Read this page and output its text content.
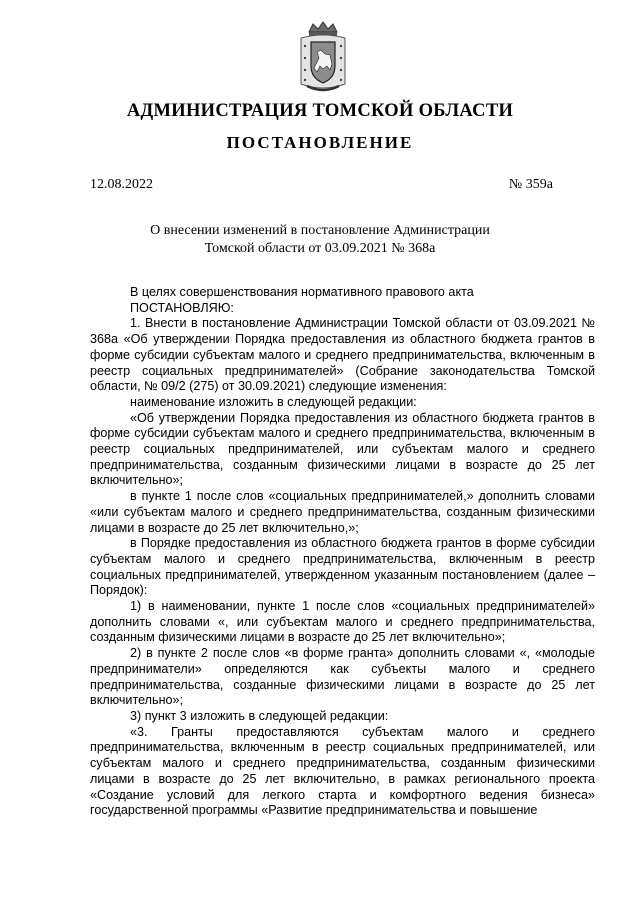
АДМИНИСТРАЦИЯ ТОМСКОЙ ОБЛАСТИ
ПОСТАНОВЛЕНИЕ
12.08.2022	№ 359а
О внесении изменений в постановление Администрации
Томской области от 03.09.2021 № 368а

В целях совершенствования нормативного правового акта

ПОСТАНОВЛЯЮ:

1. Внести в постановление Администрации Томской области от 03.09.2021 № 368а «Об утверждении Порядка предоставления из областного бюджета грантов в форме субсидии субъектам малого и среднего предпринимательства, включенным в реестр социальных предпринимателей» (Собрание законодательства Томской области, № 09/2 (275) от 30.09.2021) следующие изменения:

наименование изложить в следующей редакции:

«Об утверждении Порядка предоставления из областного бюджета грантов в форме субсидии субъектам малого и среднего предпринимательства, включенным в реестр социальных предпринимателей, или субъектам малого и среднего предпринимательства, созданным физическими лицами в возрасте до 25 лет включительно»;

в пункте 1 после слов «социальных предпринимателей,» дополнить словами «или субъектам малого и среднего предпринимательства, созданным физическими лицами в возрасте до 25 лет включительно,»;

в Порядке предоставления из областного бюджета грантов в форме субсидии субъектам малого и среднего предпринимательства, включенным в реестр социальных предпринимателей, утвержденном указанным постановлением (далее – Порядок):

1) в наименовании, пункте 1 после слов «социальных предпринимателей» дополнить словами «, или субъектам малого и среднего предпринимательства, созданным физическими лицами в возрасте до 25 лет включительно»;

2) в пункте 2 после слов «в форме гранта» дополнить словами «, «молодые предприниматели» определяются как субъекты малого и среднего предпринимательства, созданные физическими лицами в возрасте до 25 лет включительно»;

3) пункт 3 изложить в следующей редакции:

«3. Гранты предоставляются субъектам малого и среднего предпринимательства, включенным в реестр социальных предпринимателей, или субъектам малого и среднего предпринимательства, созданным физическими лицами в возрасте до 25 лет включительно, в рамках регионального проекта «Создание условий для легкого старта и комфортного ведения бизнеса» государственной программы «Развитие предпринимательства и повышение
